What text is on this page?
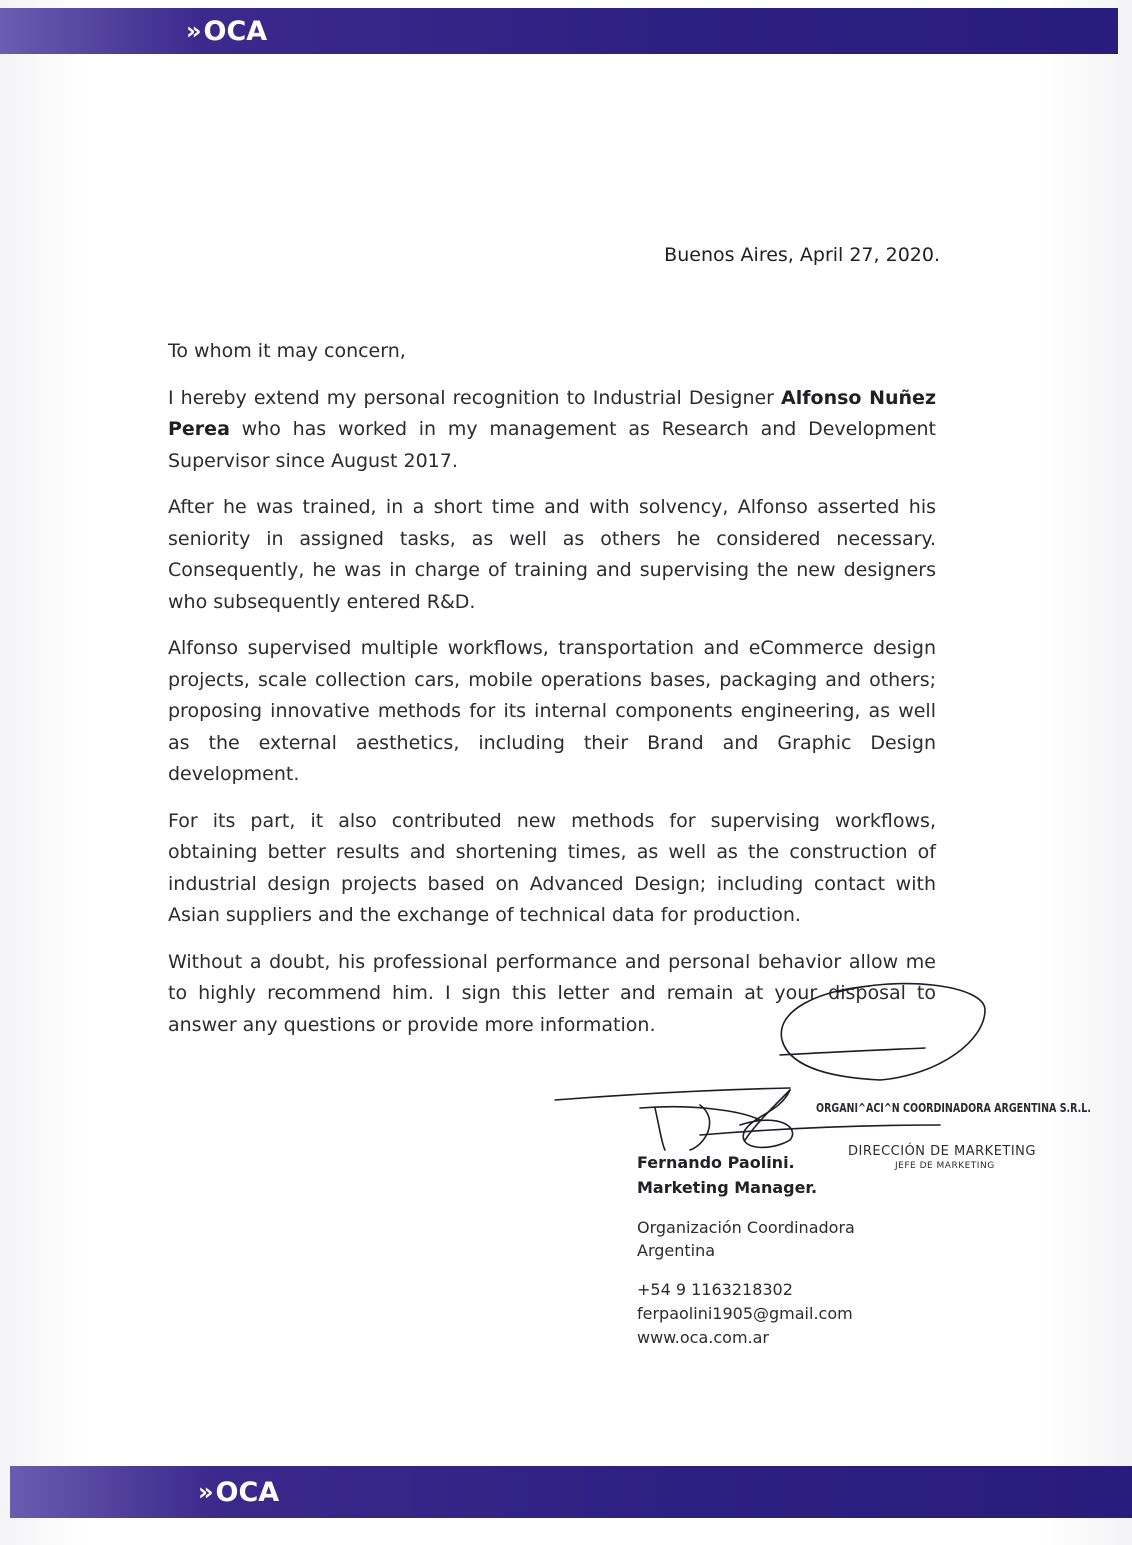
» OCA
Buenos Aires, April 27, 2020.

To whom it may concern,

I hereby extend my personal recognition to Industrial Designer Alfonso Nuñez Perea who has worked in my management as Research and Development Supervisor since August 2017.

After he was trained, in a short time and with solvency, Alfonso asserted his seniority in assigned tasks, as well as others he considered necessary. Consequently, he was in charge of training and supervising the new designers who subsequently entered R&D.

Alfonso supervised multiple workflows, transportation and eCommerce design projects, scale collection cars, mobile operations bases, packaging and others; proposing innovative methods for its internal components engineering, as well as the external aesthetics, including their Brand and Graphic Design development.

For its part, it also contributed new methods for supervising workflows, obtaining better results and shortening times, as well as the construction of industrial design projects based on Advanced Design; including contact with Asian suppliers and the exchange of technical data for production.

Without a doubt, his professional performance and personal behavior allow me to highly recommend him. I sign this letter and remain at your disposal to answer any questions or provide more information.

ORGANI^ACI^N COORDINADORA ARGENTINA S.R.L.
DIRECCIÓN DE MARKETING
JEFE DE MARKETING
Fernando Paolini.
Marketing Manager.
Organización Coordinadora
Argentina
+54 9 1163218302
ferpaolini1905@gmail.com
www.oca.com.ar
» OCA
